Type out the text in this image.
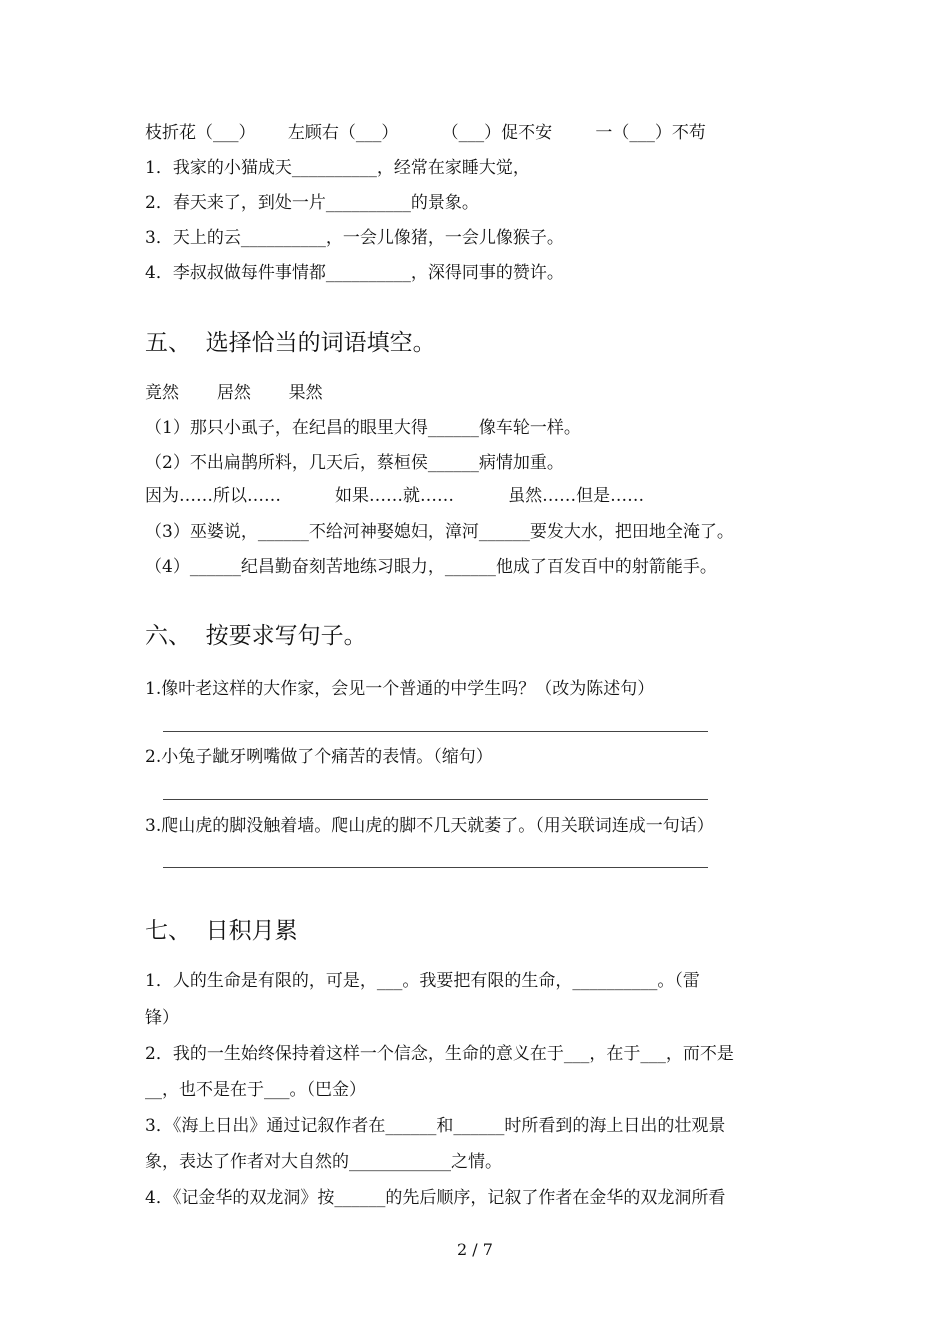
枝折花（___）      左顾右（___）        （___）促不安        一（___）不苟
1．我家的小猫成天__________，经常在家睡大觉，
2．春天来了，到处一片__________的景象。
3．天上的云__________，一会儿像猪，一会儿像猴子。
4．李叔叔做每件事情都__________，深得同事的赞许。
五、  选择恰当的词语填空。
竟然       居然       果然
（1）那只小虱子，在纪昌的眼里大得______像车轮一样。
（2）不出扁鹊所料，几天后，蔡桓侯______病情加重。
因为……所以……          如果……就……          虽然……但是……
（3）巫婆说，______不给河神娶媳妇，漳河______要发大水，把田地全淹了。
（4）______纪昌勤奋刻苦地练习眼力，______他成了百发百中的射箭能手。
六、  按要求写句子。
1.像叶老这样的大作家，会见一个普通的中学生吗？（改为陈述句）
2.小兔子龇牙咧嘴做了个痛苦的表情。（缩句）
3.爬山虎的脚没触着墙。爬山虎的脚不几天就萎了。（用关联词连成一句话）
七、  日积月累
1．人的生命是有限的，可是，___。我要把有限的生命，__________。（雷
锋）
2．我的一生始终保持着这样一个信念，生命的意义在于___，在于___，而不是
__，也不是在于___。（巴金）
3．《海上日出》通过记叙作者在______和______时所看到的海上日出的壮观景
象，表达了作者对大自然的____________之情。
4．《记金华的双龙洞》按______的先后顺序，记叙了作者在金华的双龙洞所看
2 / 7
